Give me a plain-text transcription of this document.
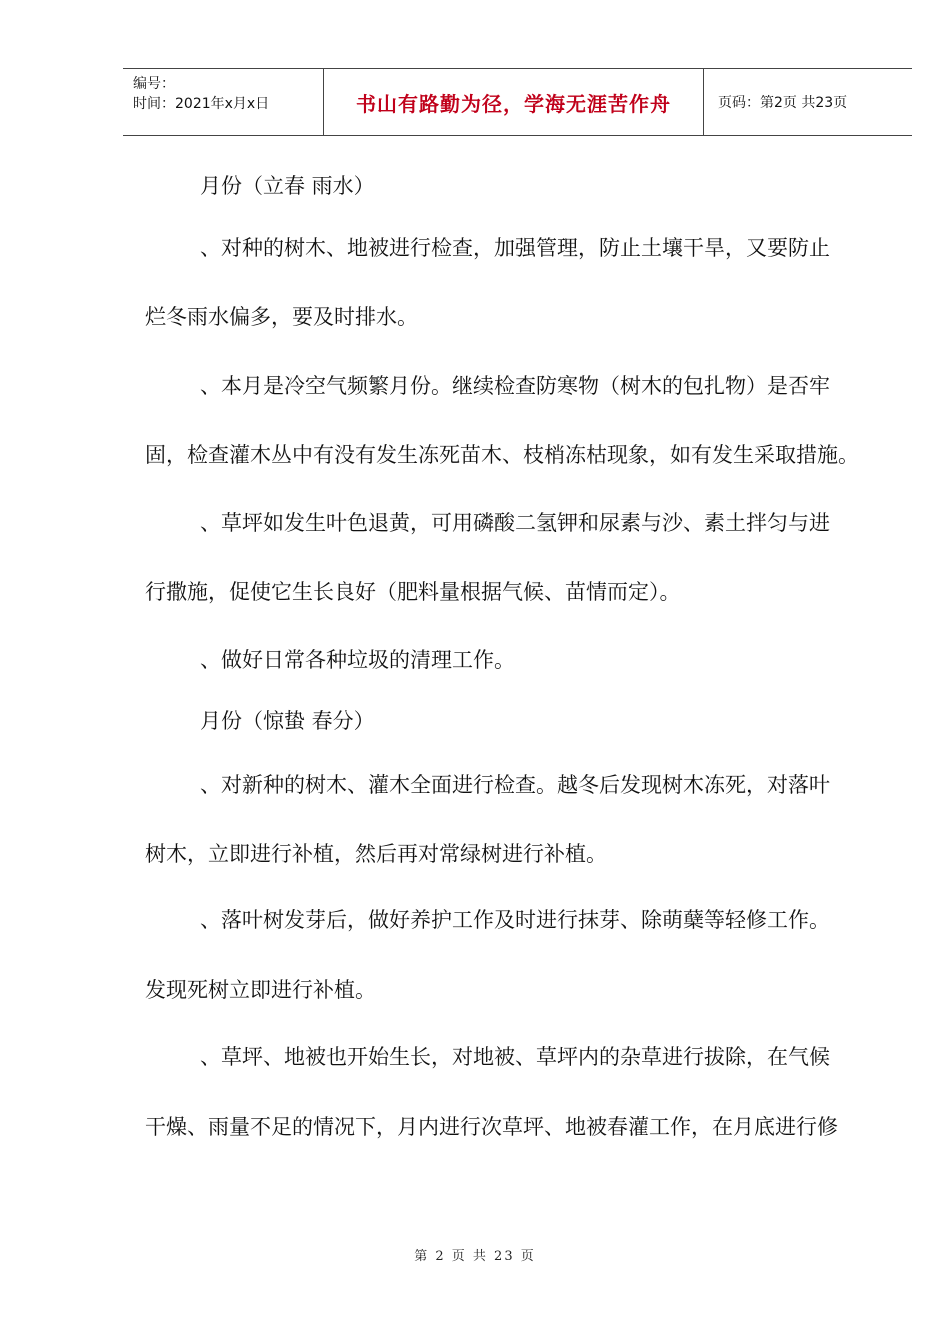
编号：
时间：2021年x月x日	书山有路勤为径，学海无涯苦作舟	页码：第2页 共23页
月份（立春 雨水）
、对种的树木、地被进行检查，加强管理，防止土壤干旱，又要防止
烂冬雨水偏多，要及时排水。
、本月是冷空气频繁月份。继续检查防寒物（树木的包扎物）是否牢
固，检查灌木丛中有没有发生冻死苗木、枝梢冻枯现象，如有发生采取措施。
、草坪如发生叶色退黄，可用磷酸二氢钾和尿素与沙、素土拌匀与进
行撒施，促使它生长良好（肥料量根据气候、苗情而定）。
、做好日常各种垃圾的清理工作。
月份（惊蛰 春分）
、对新种的树木、灌木全面进行检查。越冬后发现树木冻死，对落叶
树木，立即进行补植，然后再对常绿树进行补植。
、落叶树发芽后，做好养护工作及时进行抹芽、除萌蘖等轻修工作。
发现死树立即进行补植。
、草坪、地被也开始生长，对地被、草坪内的杂草进行拔除，在气候
干燥、雨量不足的情况下，月内进行次草坪、地被春灌工作，在月底进行修
第 2 页 共 23 页
